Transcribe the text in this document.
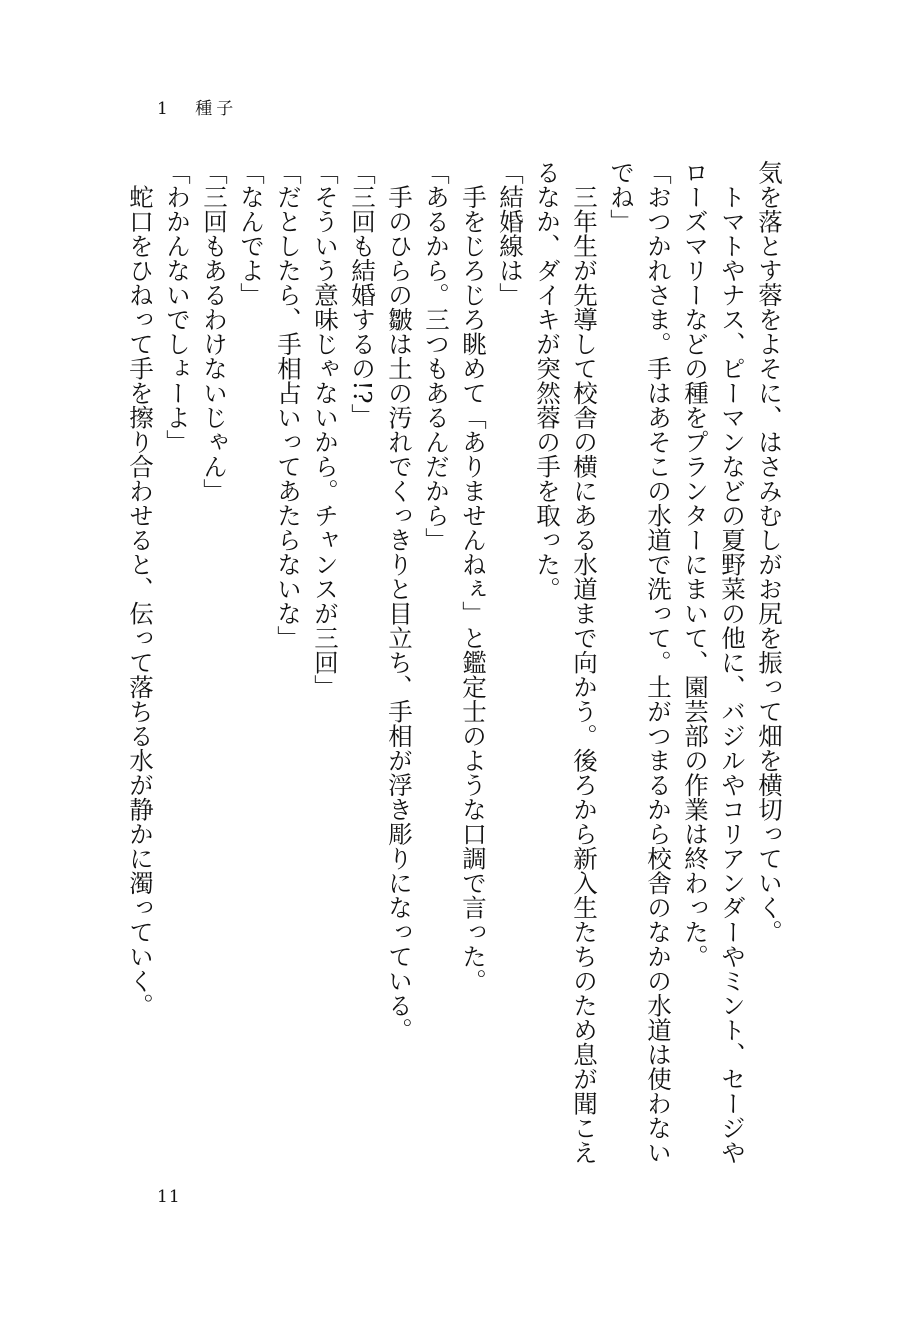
1 種子

気を落とす蓉をよそに、はさみむしがお尻を振って畑を横切っていく。

　トマトやナス、ピーマンなどの夏野菜の他に、バジルやコリアンダーやミント、セージやローズマリーなどの種をプランターにまいて、園芸部の作業は終わった。

「おつかれさま。手はあそこの水道で洗って。土がつまるから校舎のなかの水道は使わないでね」

　三年生が先導して校舎の横にある水道まで向かう。後ろから新入生たちのため息が聞こえるなか、ダイキが突然蓉の手を取った。

「結婚線は」

　手をじろじろ眺めて「ありませんねぇ」と鑑定士のような口調で言った。

「あるから。三つもあるんだから」

　手のひらの皺は土の汚れでくっきりと目立ち、手相が浮き彫りになっている。

「三回も結婚するの!?」

「そういう意味じゃないから。チャンスが三回」

「だとしたら、手相占いってあたらないな」

「なんでよ」

「三回もあるわけないじゃん」

「わかんないでしょーよ」

　蛇口をひねって手を擦り合わせると、伝って落ちる水が静かに濁っていく。

11
